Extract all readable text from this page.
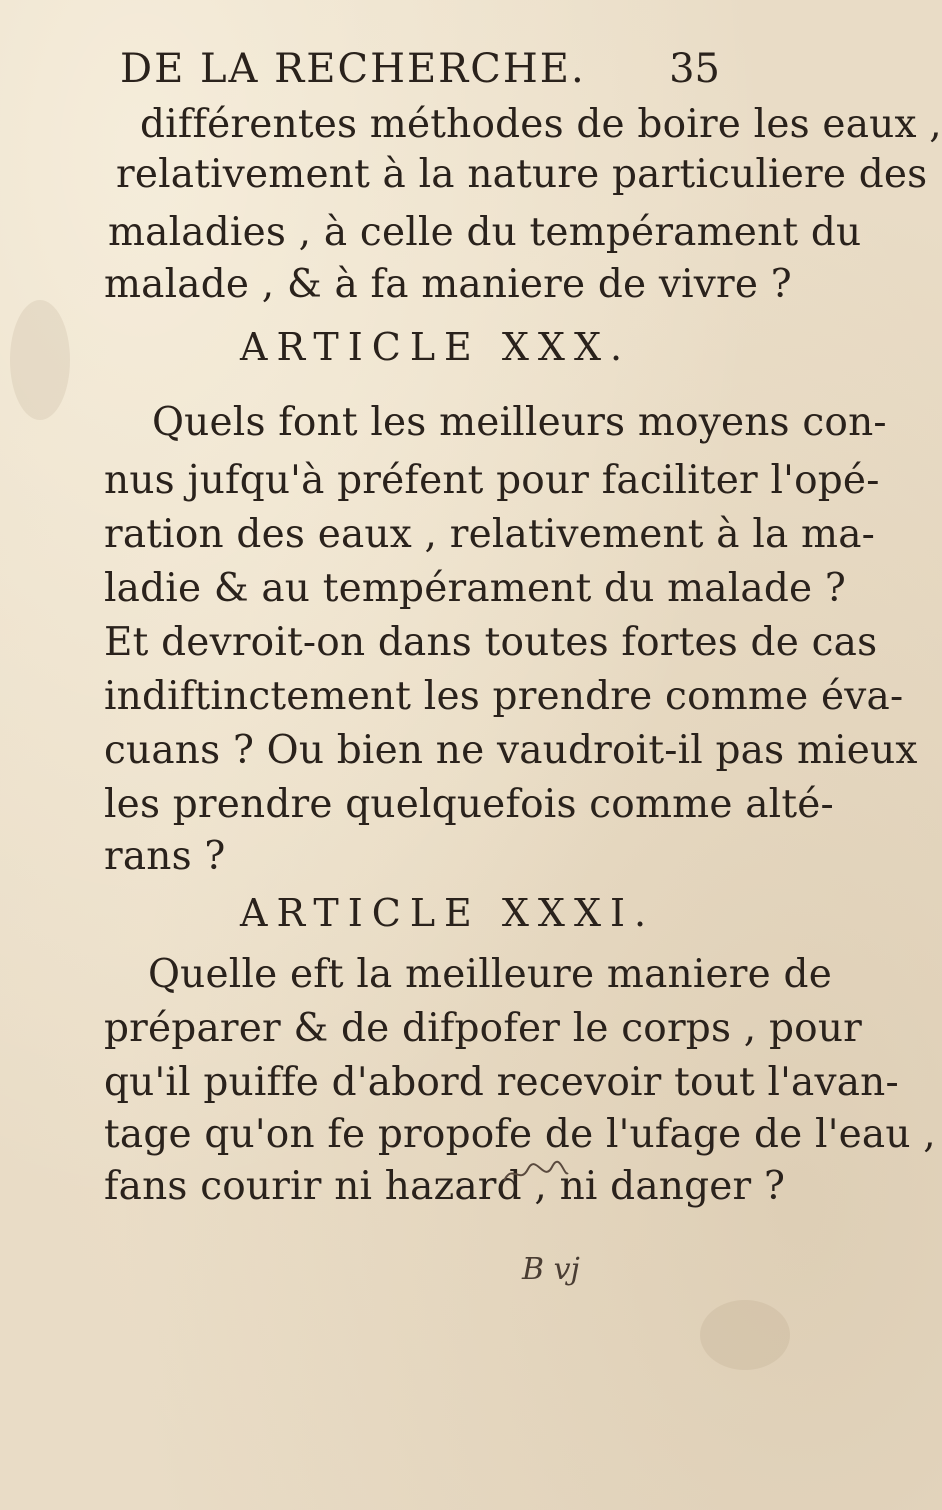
DE LA RECHERCHE. 35
différentes méthodes de boire les eaux ,
relativement à la nature particuliere des
maladies , à celle du tempérament du
malade , & à fa maniere de vivre ?
ARTICLE XXX.
Quels font les meilleurs moyens con-
nus jufqu'à préfent pour faciliter l'opé-
ration des eaux , relativement à la ma-
ladie & au tempérament du malade ?
Et devroit-on dans toutes fortes de cas
indiftinctement les prendre comme éva-
cuans ? Ou bien ne vaudroit-il pas mieux
les prendre quelquefois comme alté-
rans ?
ARTICLE XXXI.
Quelle eft la meilleure maniere de
préparer & de difpofer le corps , pour
qu'il puiffe d'abord recevoir tout l'avan-
tage qu'on fe propofe de l'ufage de l'eau ,
fans courir ni hazard , ni danger ?
B vj
